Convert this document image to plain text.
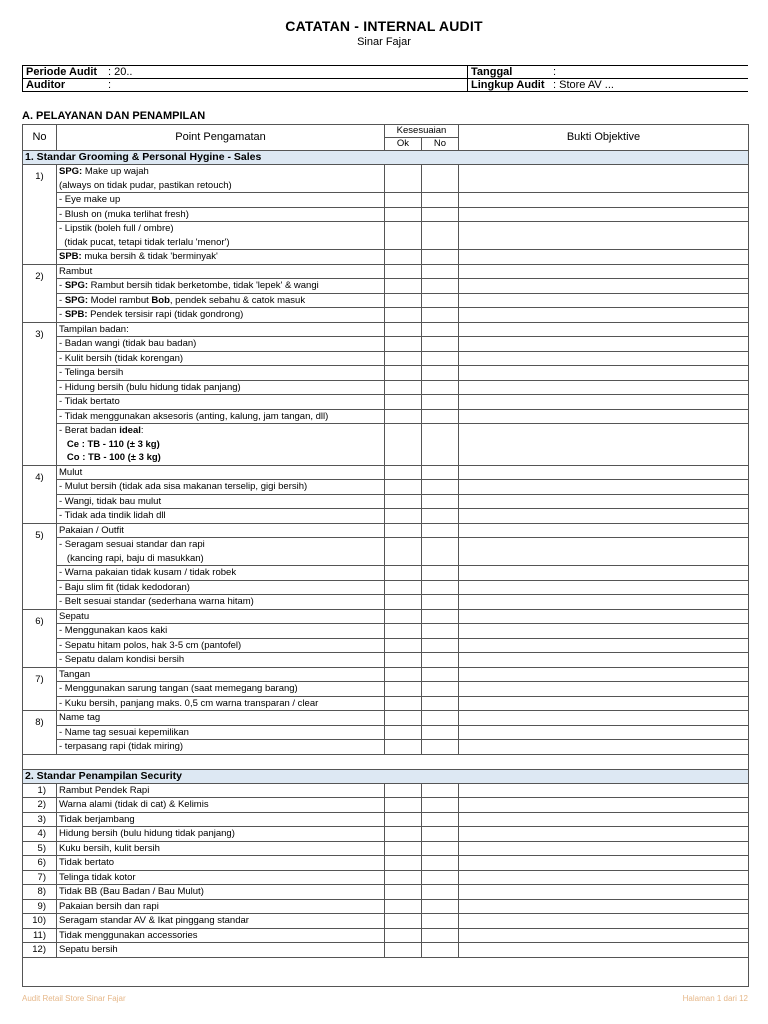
CATATAN - INTERNAL AUDIT
Sinar Fajar
Periode Audit	: 20..	Tanggal	:
Auditor	:	Lingkup Audit	: Store AV ...
A. PELAYANAN DAN PENAMPILAN
No	Point Pengamatan	Kesesuaian		Bukti Objektive
		Ok	No	
1. Standar Grooming & Personal Hygine - Sales				
1)	SPG: Make up wajah
(always on tidak pudar, pastikan retouch)			
	- Eye make up			
	- Blush on (muka terlihat fresh)			
	- Lipstik (boleh full / ombre)
(tidak pucat, tetapi tidak terlalu 'menor')			
	SPB: muka bersih & tidak 'berminyak'			
2)	Rambut			
	- SPG: Rambut bersih tidak berketombe, tidak 'lepek' & wangi			
	- SPG: Model rambut Bob, pendek sebahu & catok masuk			
	- SPB: Pendek tersisir rapi (tidak gondrong)			
3)	Tampilan badan:			
	- Badan wangi (tidak bau badan)			
	- Kulit bersih (tidak korengan)			
	- Telinga bersih			
	- Hidung bersih (bulu hidung tidak panjang)			
	- Tidak bertato			
	- Tidak menggunakan aksesoris (anting, kalung, jam tangan, dll)			
	- Berat badan ideal:
Ce : TB - 110 (± 3 kg)
Co : TB - 100 (± 3 kg)			
4)	Mulut			
	- Mulut bersih (tidak ada sisa makanan terselip, gigi bersih)			
	- Wangi, tidak bau mulut			
	- Tidak ada tindik lidah dll			
5)	Pakaian / Outfit			
	- Seragam sesuai standar dan rapi
(kancing rapi, baju di masukkan)			
	- Warna pakaian tidak kusam / tidak robek			
	- Baju slim fit (tidak kedodoran)			
	- Belt sesuai standar (sederhana warna hitam)			
6)	Sepatu			
	- Menggunakan kaos kaki			
	- Sepatu hitam polos, hak 3-5 cm (pantofel)			
	- Sepatu dalam kondisi bersih			
7)	Tangan			
	- Menggunakan sarung tangan (saat memegang barang)			
	- Kuku bersih, panjang maks. 0,5 cm warna transparan / clear			
8)	Name tag			
	- Name tag sesuai kepemilikan			
	- terpasang rapi (tidak miring)			

2. Standar Penampilan Security				
1)	Rambut Pendek Rapi			
2)	Warna alami (tidak di cat) & Kelimis			
3)	Tidak berjambang			
4)	Hidung bersih (bulu hidung tidak panjang)			
5)	Kuku bersih, kulit bersih			
6)	Tidak bertato			
7)	Telinga tidak kotor			
8)	Tidak BB (Bau Badan / Bau Mulut)			
9)	Pakaian bersih dan rapi			
10)	Seragam standar AV & Ikat pinggang standar			
11)	Tidak menggunakan accessories			
12)	Sepatu bersih			

Audit Retail Store Sinar Fajar	Halaman 1 dari 12
